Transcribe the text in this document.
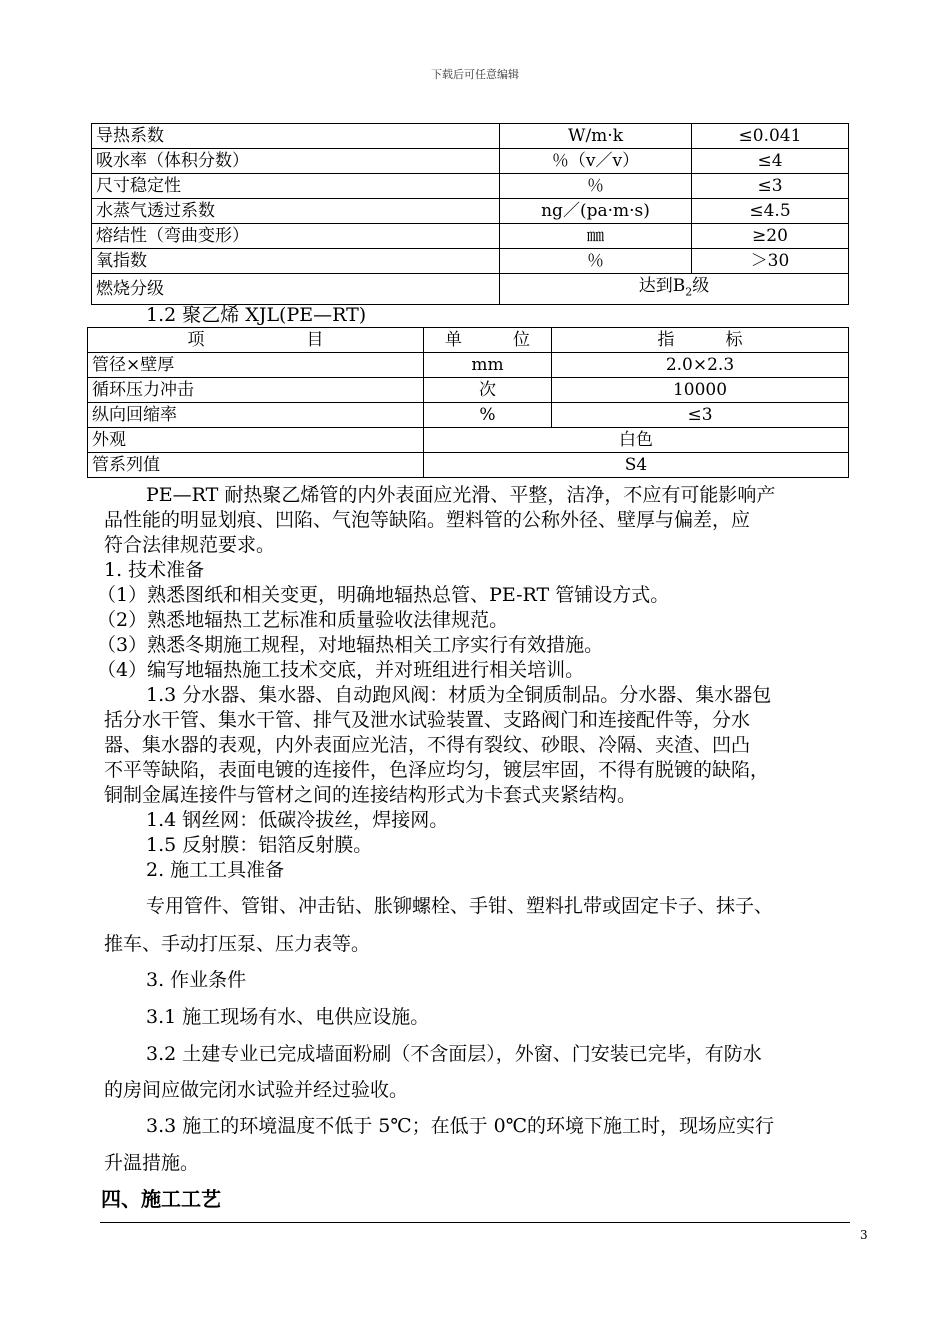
下载后可任意编辑
导热系数	W/m·k	≤0.041
吸水率（体积分数）	％（v／v）	≤4
尺寸稳定性	％	≤3
水蒸气透过系数	ng／(pa·m·s)	≤4.5
熔结性（弯曲变形）	㎜	≥20
氧指数	％	＞30
燃烧分级	达到$B_2$级	
1.2 聚乙烯 XJL(PE—RT)
项　　　　　　目	单　　　位	指　　　标
管径×壁厚	mm	2.0×2.3
循环压力冲击	次	10000
纵向回缩率	%	≤3
外观	白色	
管系列值	S4	
PE—RT 耐热聚乙烯管的内外表面应光滑、平整，洁净，不应有可能影响产
品性能的明显划痕、凹陷、气泡等缺陷。塑料管的公称外径、壁厚与偏差，应
符合法律规范要求。
1. 技术准备
（1）熟悉图纸和相关变更，明确地辐热总管、PE-RT 管铺设方式。
（2）熟悉地辐热工艺标准和质量验收法律规范。
（3）熟悉冬期施工规程，对地辐热相关工序实行有效措施。
（4）编写地辐热施工技术交底，并对班组进行相关培训。
1.3 分水器、集水器、自动跑风阀：材质为全铜质制品。分水器、集水器包
括分水干管、集水干管、排气及泄水试验装置、支路阀门和连接配件等，分水
器、集水器的表观，内外表面应光洁，不得有裂纹、砂眼、冷隔、夹渣、凹凸
不平等缺陷，表面电镀的连接件，色泽应均匀，镀层牢固，不得有脱镀的缺陷，
铜制金属连接件与管材之间的连接结构形式为卡套式夹紧结构。
1.4 钢丝网：低碳冷拔丝，焊接网。
1.5 反射膜：铝箔反射膜。
2. 施工工具准备
专用管件、管钳、冲击钻、胀铆螺栓、手钳、塑料扎带或固定卡子、抹子、
推车、手动打压泵、压力表等。
3. 作业条件
3.1 施工现场有水、电供应设施。
3.2 土建专业已完成墙面粉刷（不含面层），外窗、门安装已完毕，有防水
的房间应做完闭水试验并经过验收。
3.3 施工的环境温度不低于 5℃；在低于 0℃的环境下施工时，现场应实行
升温措施。
四、施工工艺
3
